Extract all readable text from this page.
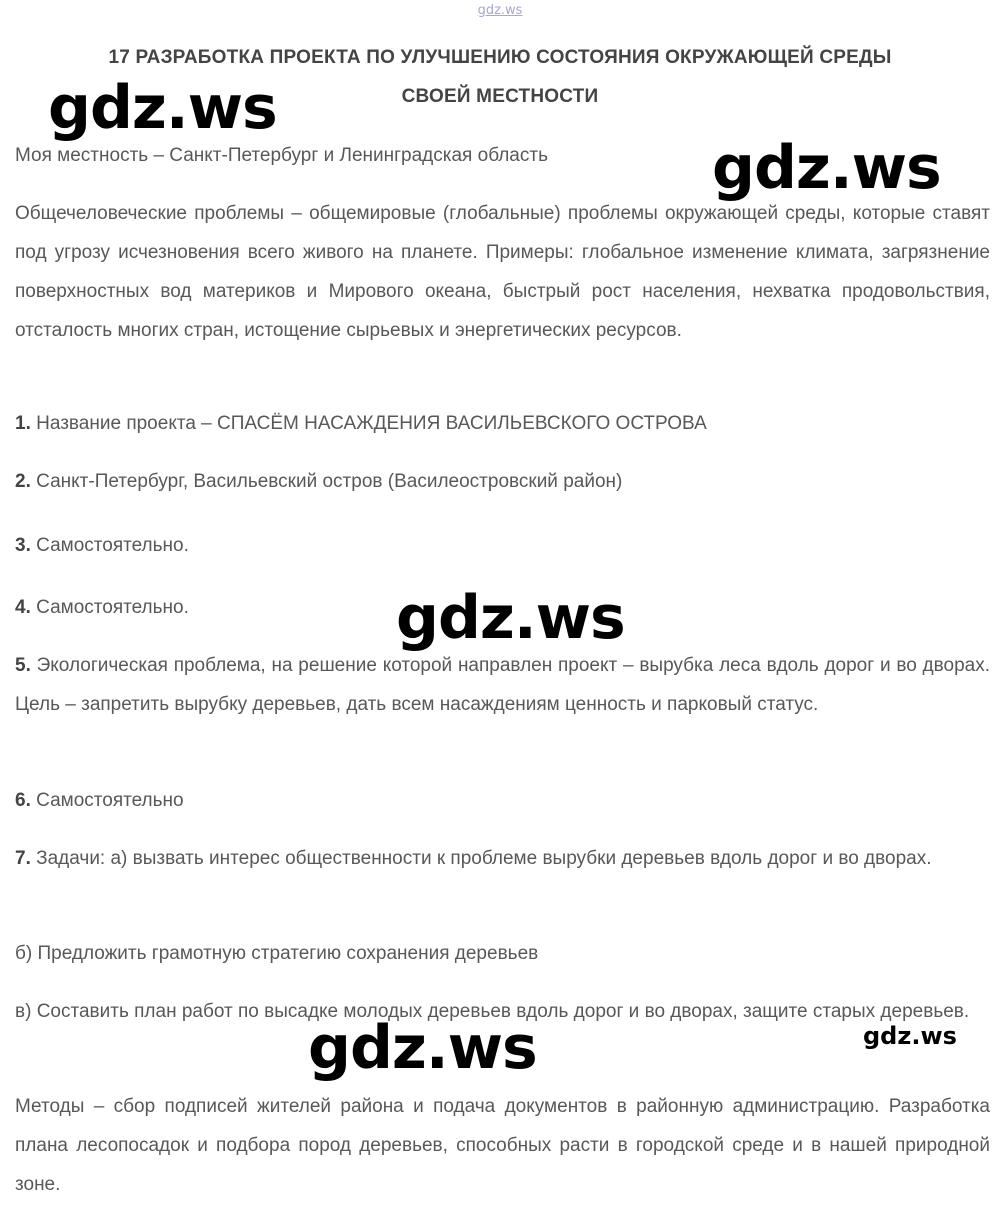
gdz.ws
17 РАЗРАБОТКА ПРОЕКТА ПО УЛУЧШЕНИЮ СОСТОЯНИЯ ОКРУЖАЮЩЕЙ СРЕДЫ
СВОЕЙ МЕСТНОСТИ

Моя местность – Санкт-Петербург и Ленинградская область

Общечеловеческие проблемы – общемировые (глобальные) проблемы окружающей среды, которые ставят под угрозу исчезновения всего живого на планете. Примеры: глобальное изменение климата, загрязнение поверхностных вод материков и Мирового океана, быстрый рост населения, нехватка продовольствия, отсталость многих стран, истощение сырьевых и энергетических ресурсов.

1. Название проекта – СПАСЁМ НАСАЖДЕНИЯ ВАСИЛЬЕВСКОГО ОСТРОВА

2. Санкт-Петербург, Васильевский остров (Василеостровский район)

3. Самостоятельно.

4. Самостоятельно.

5. Экологическая проблема, на решение которой направлен проект – вырубка леса вдоль дорог и во дворах. Цель – запретить вырубку деревьев, дать всем насаждениям ценность и парковый статус.

6. Самостоятельно

7. Задачи: а) вызвать интерес общественности к проблеме вырубки деревьев вдоль дорог и во дворах.

б) Предложить грамотную стратегию сохранения деревьев

в) Составить план работ по высадке молодых деревьев вдоль дорог и во дворах, защите старых деревьев.

Методы – сбор подписей жителей района и подача документов в районную администрацию. Разработка плана лесопосадок и подбора пород деревьев, способных расти в городской среде и в нашей природной зоне.

gdz.ws
gdz.ws
gdz.ws
gdz.ws	gdz.ws
